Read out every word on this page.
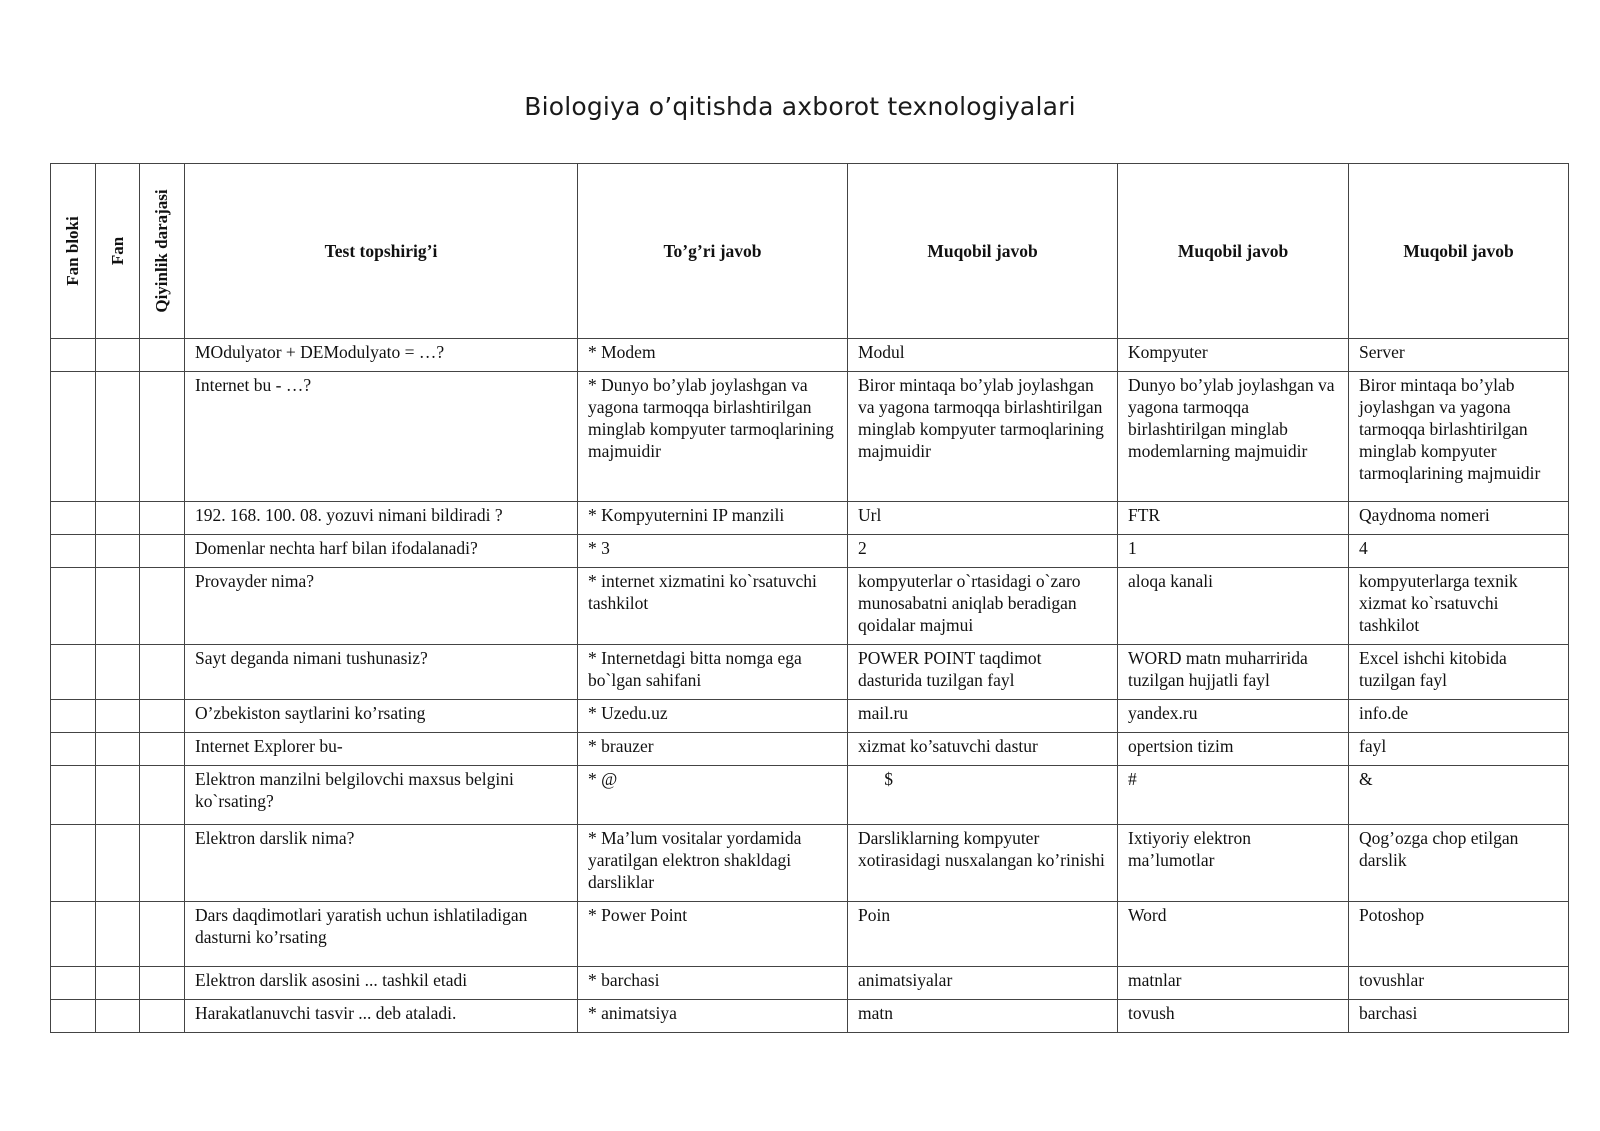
Biologiya o’qitishda axborot texnologiyalari
Fan bloki	Fan	Qiyinlik darajasi	Test topshirig’i	To’g’ri javob	Muqobil javob	Muqobil javob	Muqobil javob
			MOdulyator + DEModulyato = …?	* Modem	Modul	Kompyuter	Server
			Internet bu - …?	* Dunyo bo’ylab joylashgan va yagona tarmoqqa birlashtirilgan minglab kompyuter tarmoqlarining majmuidir	Biror mintaqa bo’ylab joylashgan va yagona tarmoqqa birlashtirilgan minglab kompyuter tarmoqlarining majmuidir	Dunyo bo’ylab joylashgan va yagona tarmoqqa birlashtirilgan minglab modemlarning majmuidir	Biror mintaqa bo’ylab joylashgan va yagona tarmoqqa birlashtirilgan minglab kompyuter tarmoqlarining majmuidir
			192. 168. 100. 08. yozuvi nimani bildiradi ?	* Kompyuternini IP manzili	Url	FTR	Qaydnoma nomeri
			Domenlar nechta harf bilan ifodalanadi?	* 3	2	1	4
			Provayder nima?	* internet xizmatini ko`rsatuvchi tashkilot	kompyuterlar o`rtasidagi o`zaro munosabatni aniqlab beradigan qoidalar majmui	aloqa kanali	kompyuterlarga texnik xizmat ko`rsatuvchi tashkilot
			Sayt deganda nimani tushunasiz?	* Internetdagi bitta nomga ega bo`lgan sahifani	POWER POINT taqdimot dasturida tuzilgan fayl	WORD matn muharririda tuzilgan hujjatli fayl	Excel ishchi kitobida tuzilgan fayl
			O’zbekiston saytlarini ko’rsating	* Uzedu.uz	mail.ru	yandex.ru	info.de
			Internet Explorer bu-	* brauzer	xizmat ko’satuvchi dastur	opertsion tizim	fayl
			Elektron manzilni belgilovchi maxsus belgini ko`rsating?	* @	$	#	&
			Elektron darslik nima?	* Ma’lum vositalar yordamida yaratilgan elektron shakldagi darsliklar	Darsliklarning kompyuter xotirasidagi nusxalangan ko’rinishi	Ixtiyoriy elektron ma’lumotlar	Qog’ozga chop etilgan darslik
			Dars daqdimotlari yaratish uchun ishlatiladigan dasturni ko’rsating	* Power Point	Poin	Word	Potoshop
			Elektron darslik asosini ... tashkil etadi	* barchasi	animatsiyalar	matnlar	tovushlar
			Harakatlanuvchi tasvir ... deb ataladi.	* animatsiya	matn	tovush	barchasi
